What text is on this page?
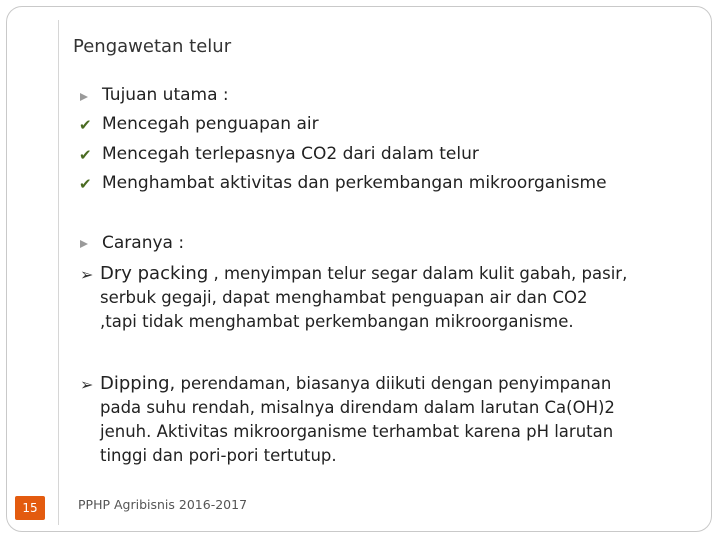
Pengawetan telur
Tujuan utama :
✔ Mencegah penguapan air
✔ Mencegah terlepasnya CO2 dari dalam telur
✔ Menghambat aktivitas dan perkembangan mikroorganisme
Caranya :
➢ Dry packing , menyimpan telur segar dalam kulit gabah, pasir,
serbuk gegaji, dapat menghambat penguapan air dan CO2
,tapi tidak menghambat perkembangan mikroorganisme.
➢ Dipping, perendaman, biasanya diikuti dengan penyimpanan
pada suhu rendah, misalnya direndam dalam larutan Ca(OH)2
jenuh. Aktivitas mikroorganisme terhambat karena pH larutan
tinggi dan pori-pori tertutup.
15	PPHP Agribisnis 2016-2017
